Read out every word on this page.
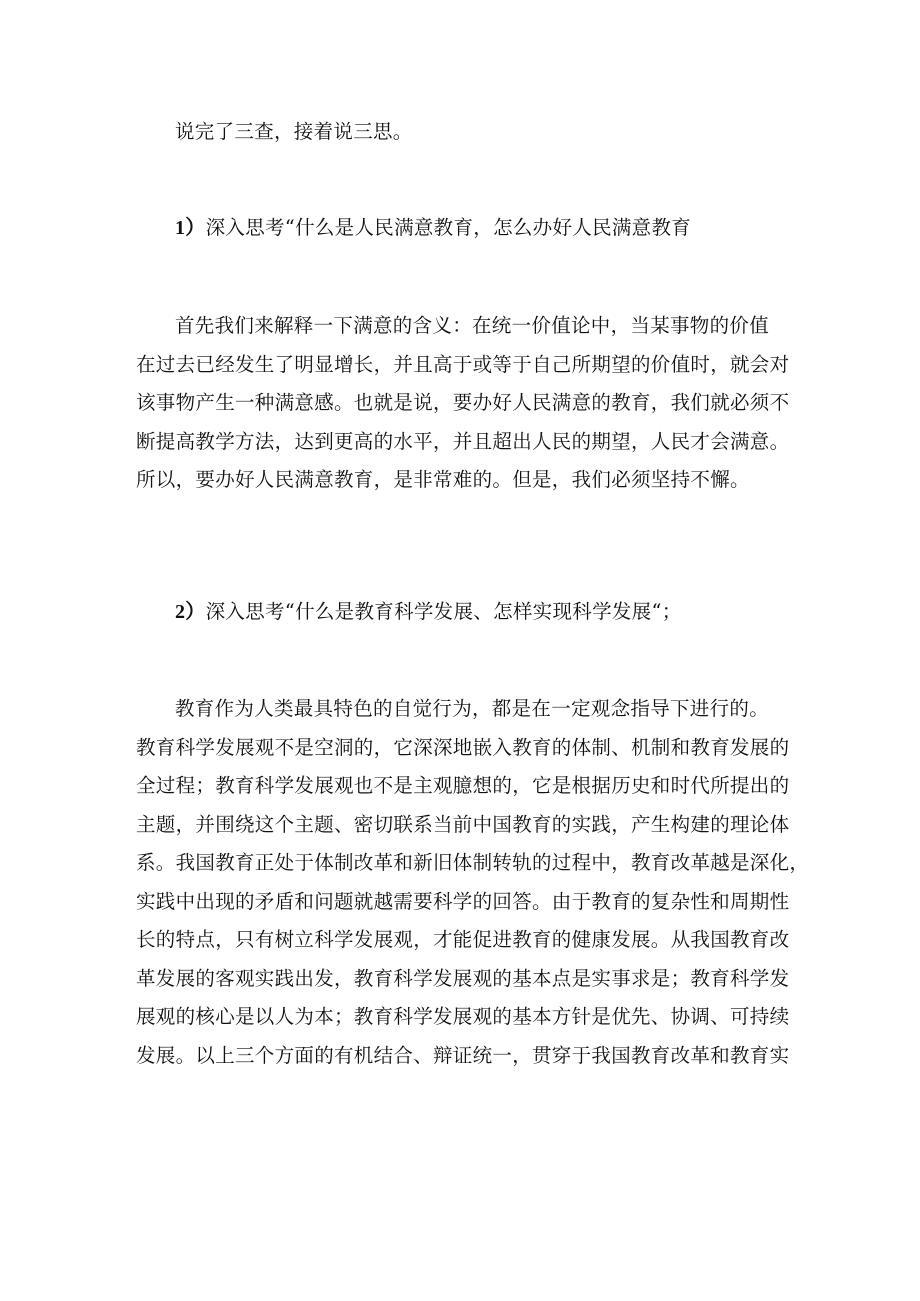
说完了三查，接着说三思。

1）深入思考“什么是人民满意教育，怎么办好人民满意教育

首先我们来解释一下满意的含义：在统一价值论中，当某事物的价值
在过去已经发生了明显增长，并且高于或等于自己所期望的价值时，就会对
该事物产生一种满意感。也就是说，要办好人民满意的教育，我们就必须不
断提高教学方法，达到更高的水平，并且超出人民的期望，人民才会满意。
所以，要办好人民满意教育，是非常难的。但是，我们必须坚持不懈。

2）深入思考“什么是教育科学发展、怎样实现科学发展“；

教育作为人类最具特色的自觉行为，都是在一定观念指导下进行的。
教育科学发展观不是空洞的，它深深地嵌入教育的体制、机制和教育发展的
全过程；教育科学发展观也不是主观臆想的，它是根据历史和时代所提出的
主题，并围绕这个主题、密切联系当前中国教育的实践，产生构建的理论体
系。我国教育正处于体制改革和新旧体制转轨的过程中，教育改革越是深化，
实践中出现的矛盾和问题就越需要科学的回答。由于教育的复杂性和周期性
长的特点，只有树立科学发展观，才能促进教育的健康发展。从我国教育改
革发展的客观实践出发，教育科学发展观的基本点是实事求是；教育科学发
展观的核心是以人为本；教育科学发展观的基本方针是优先、协调、可持续
发展。以上三个方面的有机结合、辩证统一，贯穿于我国教育改革和教育实
